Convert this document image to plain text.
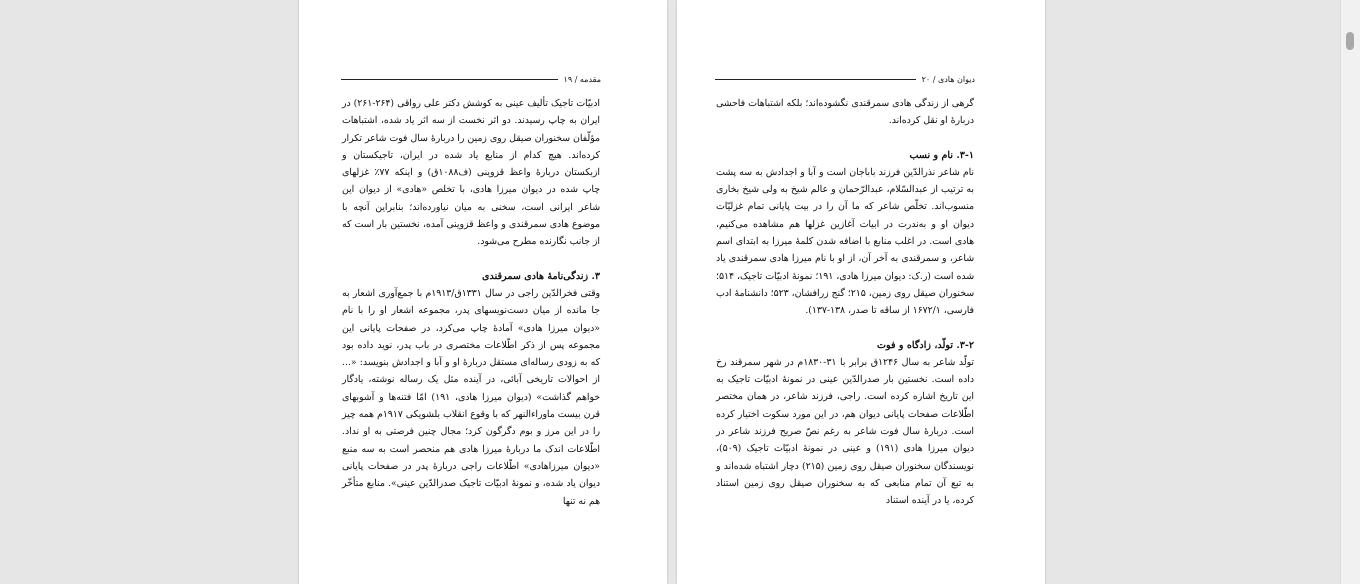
مقدمه / ۱۹

ادبیّات تاجیک تألیف عینی به کوشش دکتر علی رواقی (۲۶۴-۲۶۱) در ایران به چاپ رسیدند. دو اثر نخست از سه اثر یاد شده، اشتباهات مؤلّفان سخنوران صیقل روی زمین را دربارهٔ سال فوت شاعر تکرار کرده‌اند. هیچ کدام از منابع یاد شده در ایران، تاجیکستان و ازبکستان دربارهٔ واعظ قزوینی (ف۱۰۸۸ق) و اینکه ۷۷٪ غزلهای چاپ شده در دیوان میرزا هادی، با تخلص «هادی» از دیوان این شاعر ایرانی است، سخنی به میان نیاورده‌اند؛ بنابراین آنچه با موضوع هادی سمرقندی و واعظ قزوینی آمده، نخستین بار است که از جانب نگارنده مطرح می‌شود.

۳. زندگی‌نامهٔ هادی سمرقندی

وقتی فخرالدّین راجی در سال ۱۳۳۱ق/۱۹۱۳م با جمع‌آوری اشعار به جا مانده از میان دست‌نویسهای پدر، مجموعه اشعار او را با نام «دیوان میرزا هادی» آمادهٔ چاپ می‌کرد، در صفحات پایانی این مجموعه پس از ذکر اطّلاعات مختصری در باب پدر، نوید داده بود که به زودی رساله‌ای مستقل دربارهٔ او و آبا و اجدادش بنویسد: «... از احوالات تاریخی آبائی، در آینده مثل یک رساله نوشته، یادگار خواهم گذاشت» (دیوان میرزا هادی، ۱۹۱) امّا فتنه‌ها و آشوبهای قرن بیست ماوراءالنهر که با وقوع انقلاب بلشویکی ۱۹۱۷م همه چیز را در این مرز و بوم دگرگون کرد؛ مجال چنین فرصتی به او نداد. اطّلاعات اندک ما دربارهٔ میرزا هادی هم منحصر است به سه منبع «دیوان میرزاهادی» اطّلاعات راجی دربارهٔ پدر در صفحات پایانی دیوان یاد شده، و نمونهٔ ادبیّات تاجیک صدرالدّین عینی». منابع متأخّر هم نه تنها

دیوان هادی / ۲۰

گرهی از زندگی هادی سمرقندی نگشوده‌اند؛ بلکه اشتباهات فاحشی دربارهٔ او نقل کرده‌اند.

۳-۱. نام و نسب

نام شاعر نذرالدّین فرزند باباجان است و آبا و اجدادش به سه پشت به ترتیب از عبدالسّلام، عبدالرّحمان و عالم شیخ به ولی شیخ بخاری منسوب‌اند. تخلّص شاعر که ما آن را در بیت پایانی تمام غزلیّات دیوان او و به‌ندرت در ابیات آغازین غزلها هم مشاهده می‌کنیم، هادی است. در اغلب منابع با اضافه شدن کلمهٔ میرزا به ابتدای اسم شاعر، و سمرقندی به آخر آن، از او با نام میرزا هادی سمرقندی یاد شده است (ر.ک: دیوان میرزا هادی، ۱۹۱؛ نمونهٔ ادبیّات تاجیک، ۵۱۴؛ سخنوران صیقل روی زمین، ۲۱۵؛ گنج زرافشان، ۵۲۳؛ دانشنامهٔ ادب فارسی، ۱۶۷۲/۱ از ساقه تا صدر، ۱۳۸-۱۳۷).

۳-۲. تولّد، زادگاه و فوت

تولّد شاعر به سال ۱۲۴۶ق برابر با ۳۱-۱۸۳۰م در شهر سمرقند رخ داده است. نخستین بار صدرالدّین عینی در نمونهٔ ادبیّات تاجیک به این تاریخ اشاره کرده است. راجی، فرزند شاعر، در همان مختصر اطّلاعات صفحات پایانی دیوان هم، در این مورد سکوت اختیار کرده است. دربارهٔ سال فوت شاعر به رغم نصّ صریح فرزند شاعر در دیوان میرزا هادی (۱۹۱) و عینی در نمونهٔ ادبیّات تاجیک (۵۰۹)، نویسندگان سخنوران صیقل روی زمین (۲۱۵) دچار اشتباه شده‌اند و به تبع آن تمام منابعی که به سخنوران صیقل روی زمین استناد کرده، یا در آینده استناد
